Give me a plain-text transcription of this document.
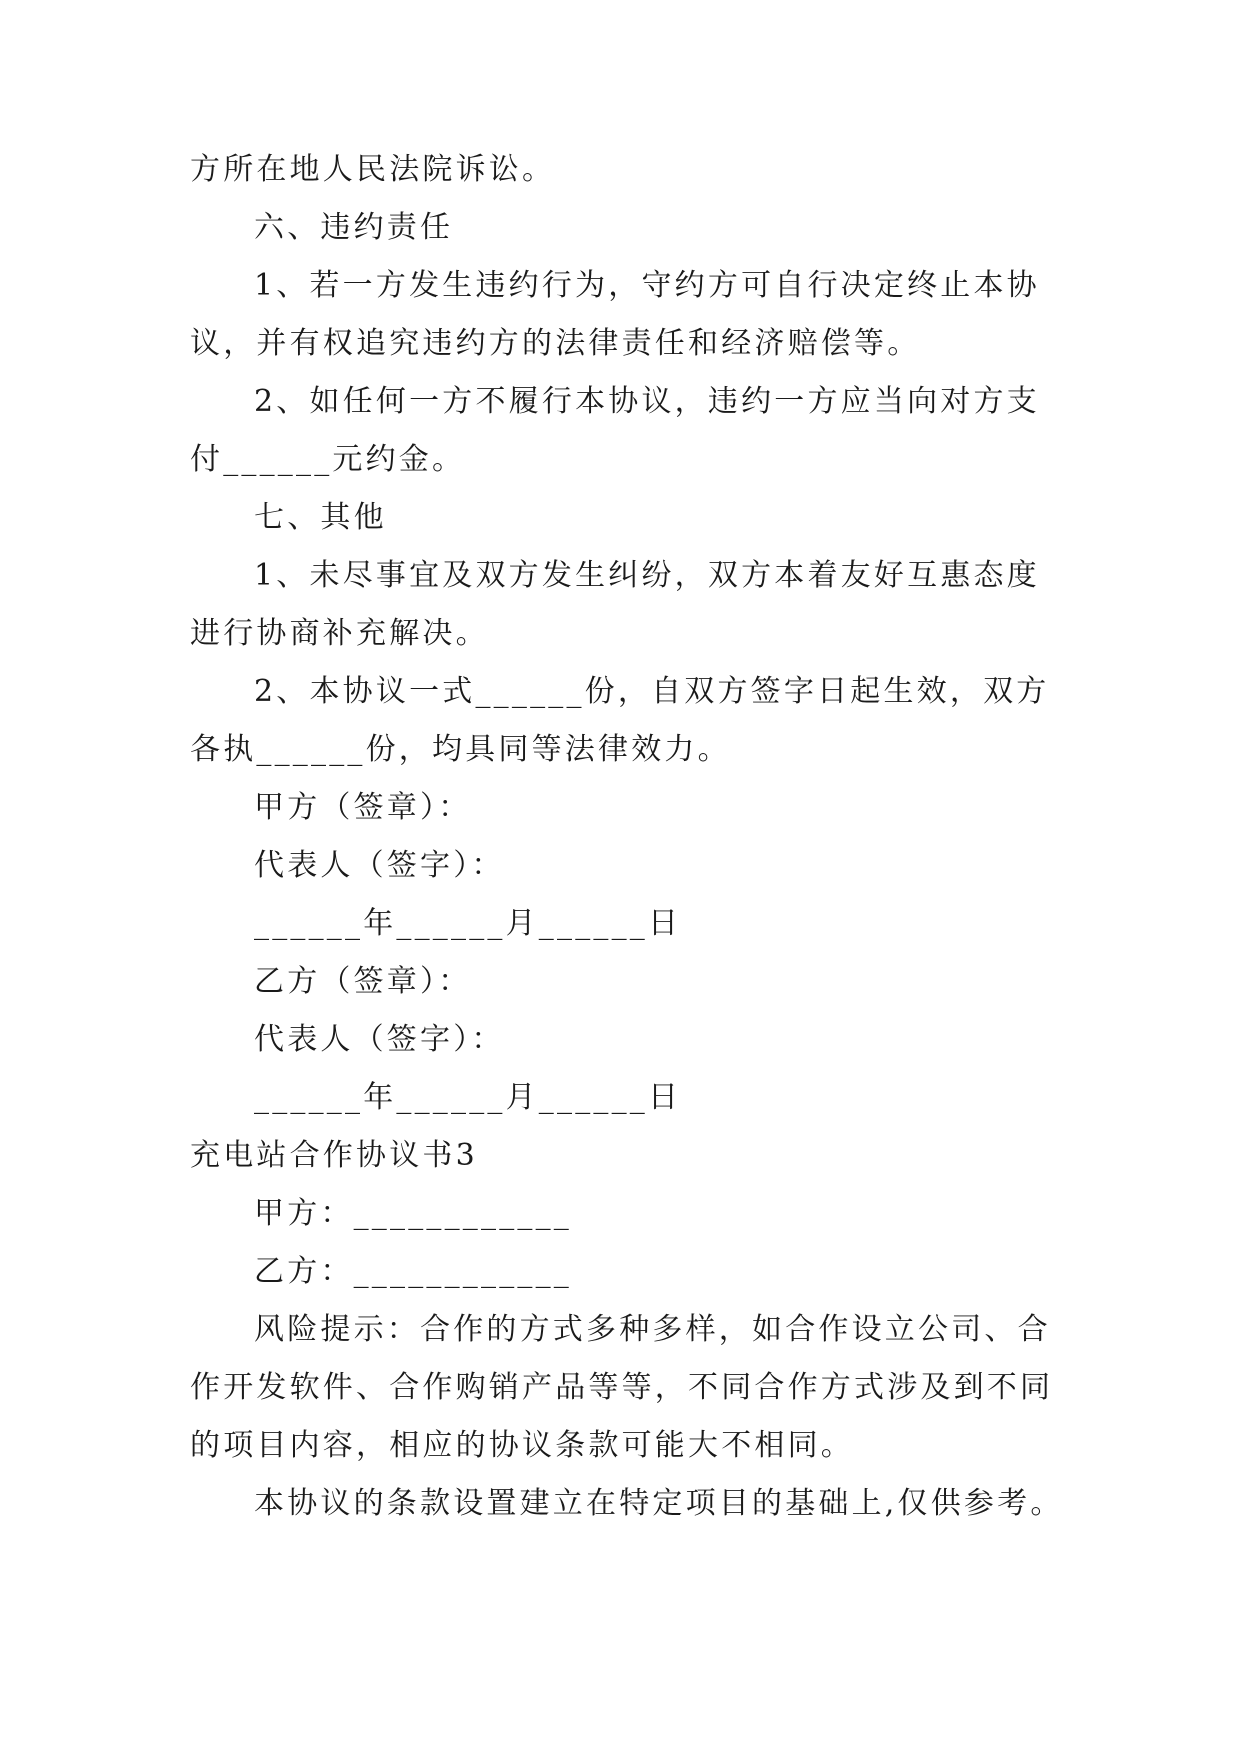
方所在地人民法院诉讼。
六、违约责任
1、若一方发生违约行为，守约方可自行决定终止本协
议，并有权追究违约方的法律责任和经济赔偿等。
2、如任何一方不履行本协议，违约一方应当向对方支
付______元约金。
七、其他
1、未尽事宜及双方发生纠纷，双方本着友好互惠态度
进行协商补充解决。
2、本协议一式______份，自双方签字日起生效，双方
各执______份，均具同等法律效力。
甲方（签章）：
代表人（签字）：
______年______月______日
乙方（签章）：
代表人（签字）：
______年______月______日
充电站合作协议书3
甲方：____________
乙方：____________
风险提示：合作的方式多种多样，如合作设立公司、合
作开发软件、合作购销产品等等，不同合作方式涉及到不同
的项目内容，相应的协议条款可能大不相同。
本协议的条款设置建立在特定项目的基础上,仅供参考。
